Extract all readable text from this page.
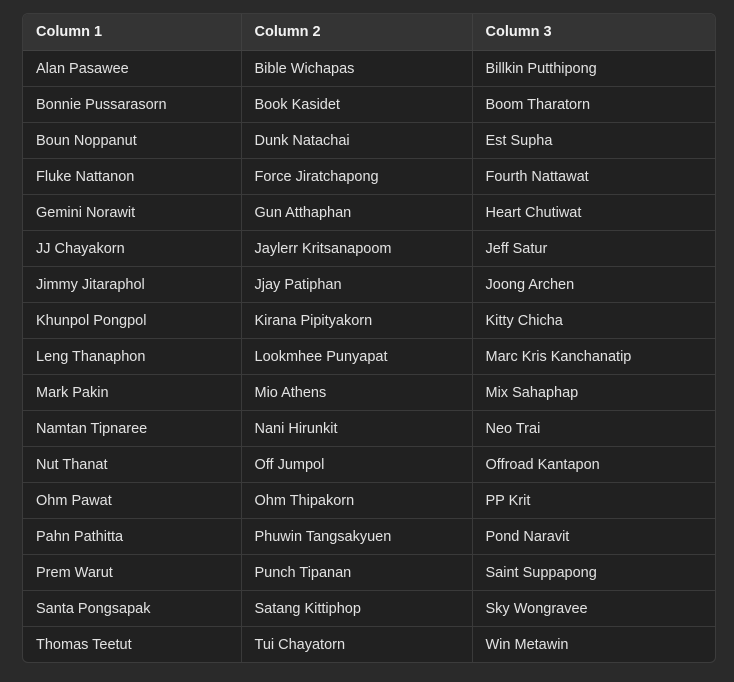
Column 1	Column 2	Column 3
Alan Pasawee	Bible Wichapas	Billkin Putthipong
Bonnie Pussarasorn	Book Kasidet	Boom Tharatorn
Boun Noppanut	Dunk Natachai	Est Supha
Fluke Nattanon	Force Jiratchapong	Fourth Nattawat
Gemini Norawit	Gun Atthaphan	Heart Chutiwat
JJ Chayakorn	Jaylerr Kritsanapoom	Jeff Satur
Jimmy Jitaraphol	Jjay Patiphan	Joong Archen
Khunpol Pongpol	Kirana Pipityakorn	Kitty Chicha
Leng Thanaphon	Lookmhee Punyapat	Marc Kris Kanchanatip
Mark Pakin	Mio Athens	Mix Sahaphap
Namtan Tipnaree	Nani Hirunkit	Neo Trai
Nut Thanat	Off Jumpol	Offroad Kantapon
Ohm Pawat	Ohm Thipakorn	PP Krit
Pahn Pathitta	Phuwin Tangsakyuen	Pond Naravit
Prem Warut	Punch Tipanan	Saint Suppapong
Santa Pongsapak	Satang Kittiphop	Sky Wongravee
Thomas Teetut	Tui Chayatorn	Win Metawin
